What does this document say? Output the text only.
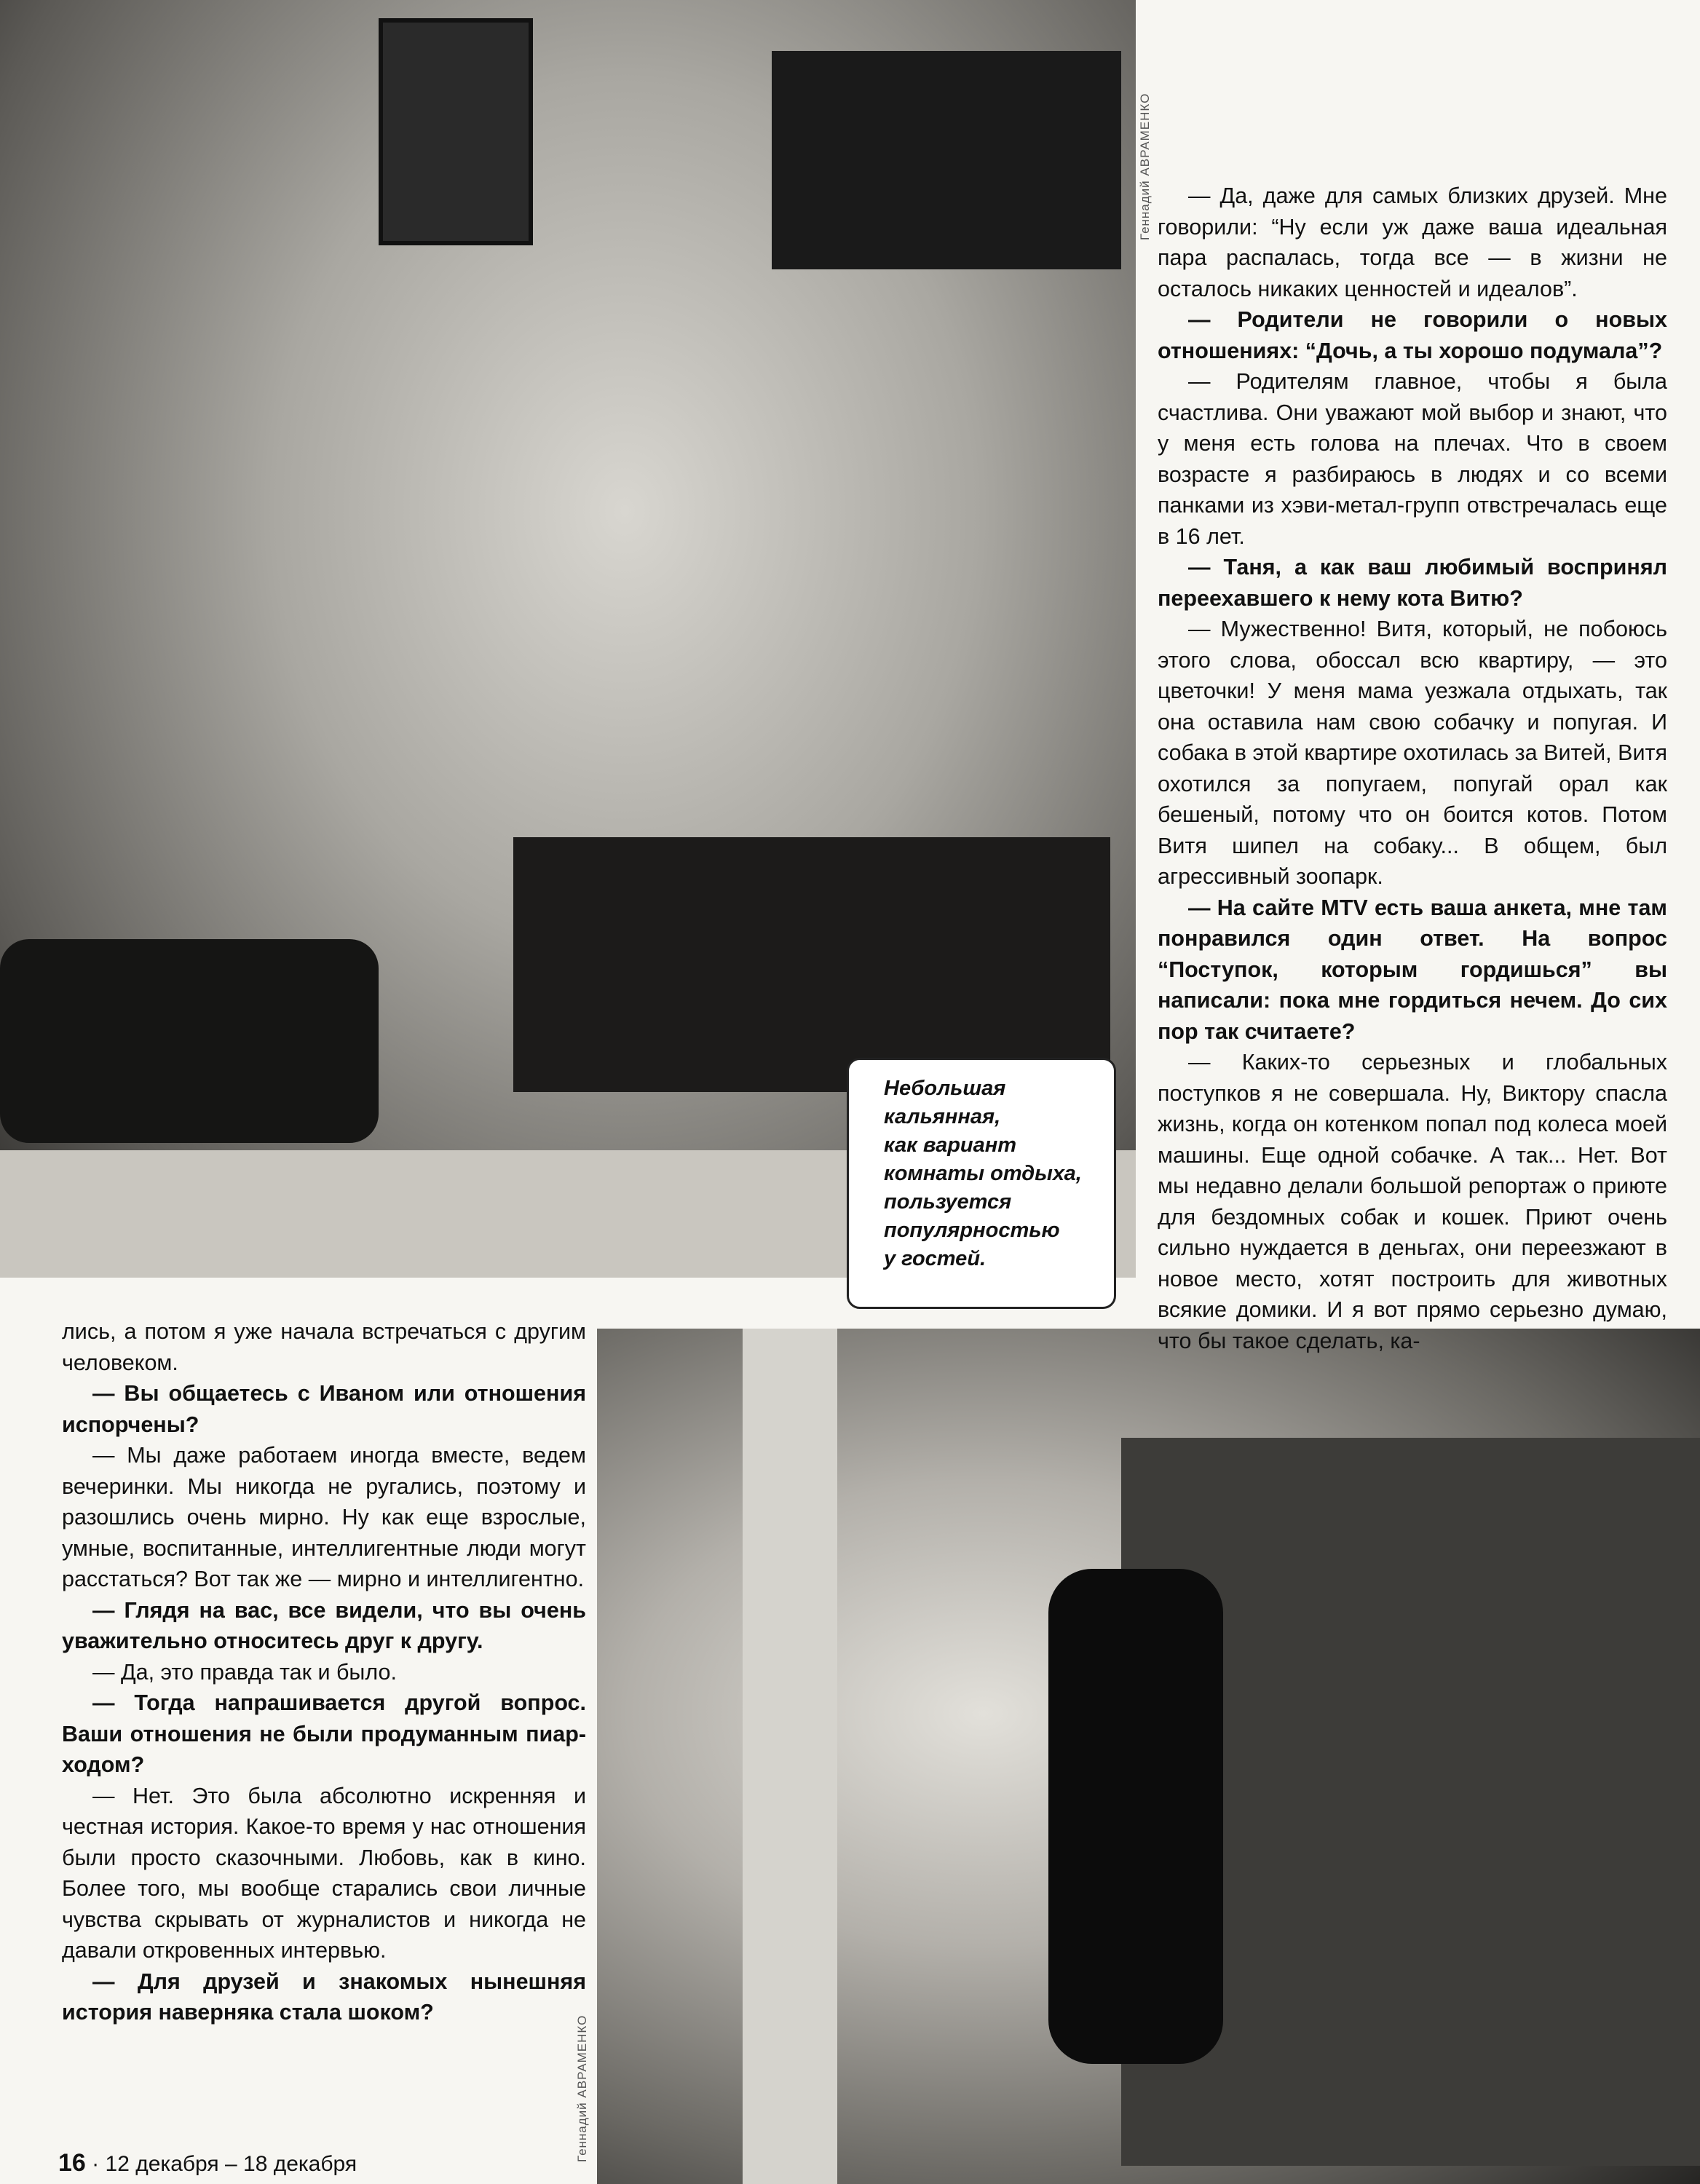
Геннадий АВРАМЕНКО
Геннадий АВРАМЕНКО
Небольшая
кальянная,
как вариант
комнаты отдыха,
пользуется
популярностью
у гостей.

— Да, даже для самых близких друзей. Мне говорили: “Ну если уж даже ваша идеальная пара распалась, тогда все — в жизни не осталось никаких ценностей и идеалов”.

— Родители не говорили о новых отношениях: “Дочь, а ты хорошо подумала”?

— Родителям главное, чтобы я была счастлива. Они уважают мой выбор и знают, что у меня есть голова на плечах. Что в своем возрасте я разбираюсь в людях и со всеми панками из хэви-метал-групп отвстречалась еще в 16 лет.

— Таня, а как ваш любимый воспринял переехавшего к нему кота Витю?

— Мужественно! Витя, который, не побоюсь этого слова, обоссал всю квартиру, — это цветочки! У меня мама уезжала отдыхать, так она оставила нам свою собачку и попугая. И собака в этой квартире охотилась за Витей, Витя охотился за попугаем, попугай орал как бешеный, потому что он боится котов. Потом Витя шипел на собаку... В общем, был агрессивный зоопарк.

— На сайте MTV есть ваша анкета, мне там понравился один ответ. На вопрос “Поступок, которым гордишься” вы написали: пока мне гордиться нечем. До сих пор так считаете?

— Каких-то серьезных и глобальных поступков я не совершала. Ну, Виктору спасла жизнь, когда он котенком попал под колеса моей машины. Еще одной собачке. А так... Нет. Вот мы недавно делали большой репортаж о приюте для бездомных собак и кошек. Приют очень сильно нуждается в деньгах, они переезжают в новое место, хотят построить для животных всякие домики. И я вот прямо серьезно думаю, что бы такое сделать, ка-

лись, а потом я уже начала встречаться с другим человеком.

— Вы общаетесь с Иваном или отношения испорчены?

— Мы даже работаем иногда вместе, ведем вечеринки. Мы никогда не ругались, поэтому и разошлись очень мирно. Ну как еще взрослые, умные, воспитанные, интеллигентные люди могут расстаться? Вот так же — мирно и интеллигентно.

— Глядя на вас, все видели, что вы очень уважительно относитесь друг к другу.

— Да, это правда так и было.

— Тогда напрашивается другой вопрос. Ваши отношения не были продуманным пиар-ходом?

— Нет. Это была абсолютно искренняя и честная история. Какое-то время у нас отношения были просто сказочными. Любовь, как в кино. Более того, мы вообще старались свои личные чувства скрывать от журналистов и никогда не давали откровенных интервью.

— Для друзей и знакомых нынешняя история наверняка стала шоком?

16 · 12 декабря – 18 декабря
